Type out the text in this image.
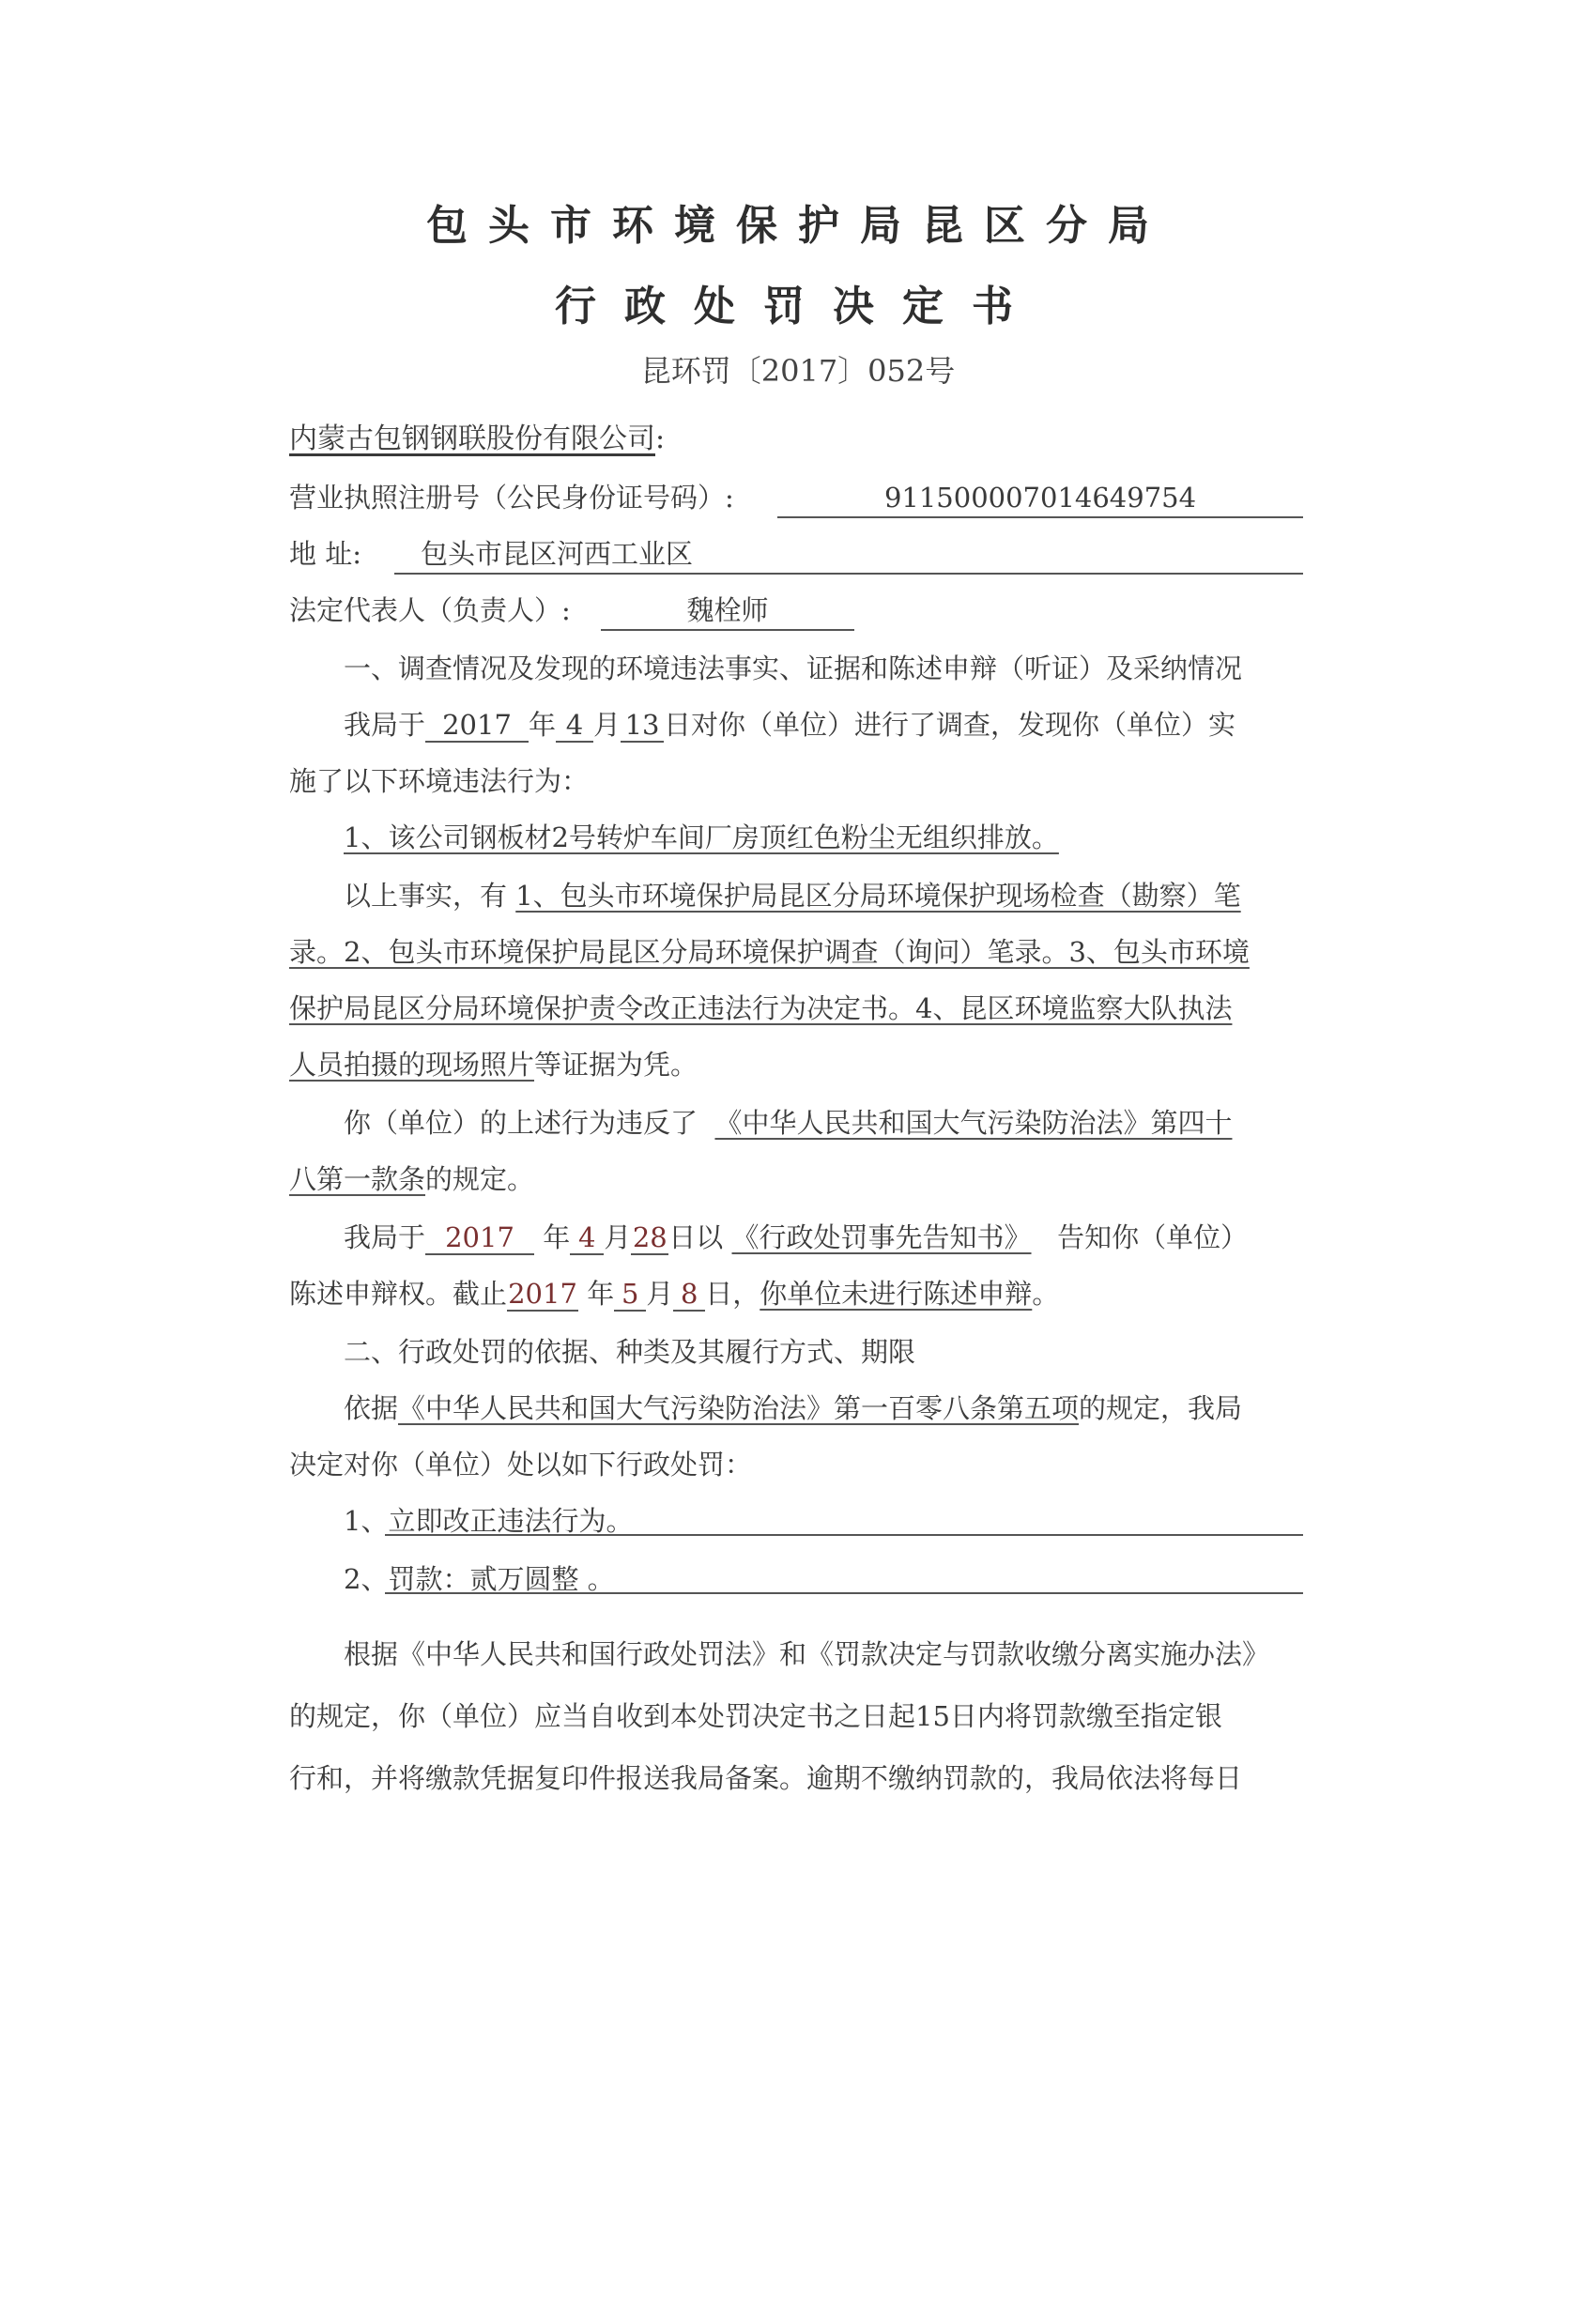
包头市环境保护局昆区分局
行政处罚决定书
昆环罚〔2017〕052号
内蒙古包钢钢联股份有限公司:
营业执照注册号（公民身份证号码）:	911500007014649754
地 址:	包头市昆区河西工业区
法定代表人（负责人）:	魏栓师
一、调查情况及发现的环境违法事实、证据和陈述申辩（听证）及采纳情况
我局于 2017 年 4 月 13 日对你（单位）进行了调查，发现你（单位）实
施了以下环境违法行为：
1、该公司钢板材2号转炉车间厂房顶红色粉尘无组织排放。
以上事实，有 1、包头市环境保护局昆区分局环境保护现场检查（勘察）笔
录。2、包头市环境保护局昆区分局环境保护调查（询问）笔录。3、包头市环境
保护局昆区分局环境保护责令改正违法行为决定书。4、昆区环境监察大队执法
人员拍摄的现场照片等证据为凭。
你（单位）的上述行为违反了 《中华人民共和国大气污染防治法》第四十
八第一款条的规定。
我局于 2017 年 4 月28日以 《行政处罚事先告知书》 告知你（单位）
陈述申辩权。截止2017 年 5 月 8 日，你单位未进行陈述申辩。
二、行政处罚的依据、种类及其履行方式、期限
依据《中华人民共和国大气污染防治法》第一百零八条第五项的规定，我局
决定对你（单位）处以如下行政处罚：
1、立即改正违法行为。
2、罚款：贰万圆整 。
根据《中华人民共和国行政处罚法》和《罚款决定与罚款收缴分离实施办法》
的规定，你（单位）应当自收到本处罚决定书之日起15日内将罚款缴至指定银
行和，并将缴款凭据复印件报送我局备案。逾期不缴纳罚款的，我局依法将每日
